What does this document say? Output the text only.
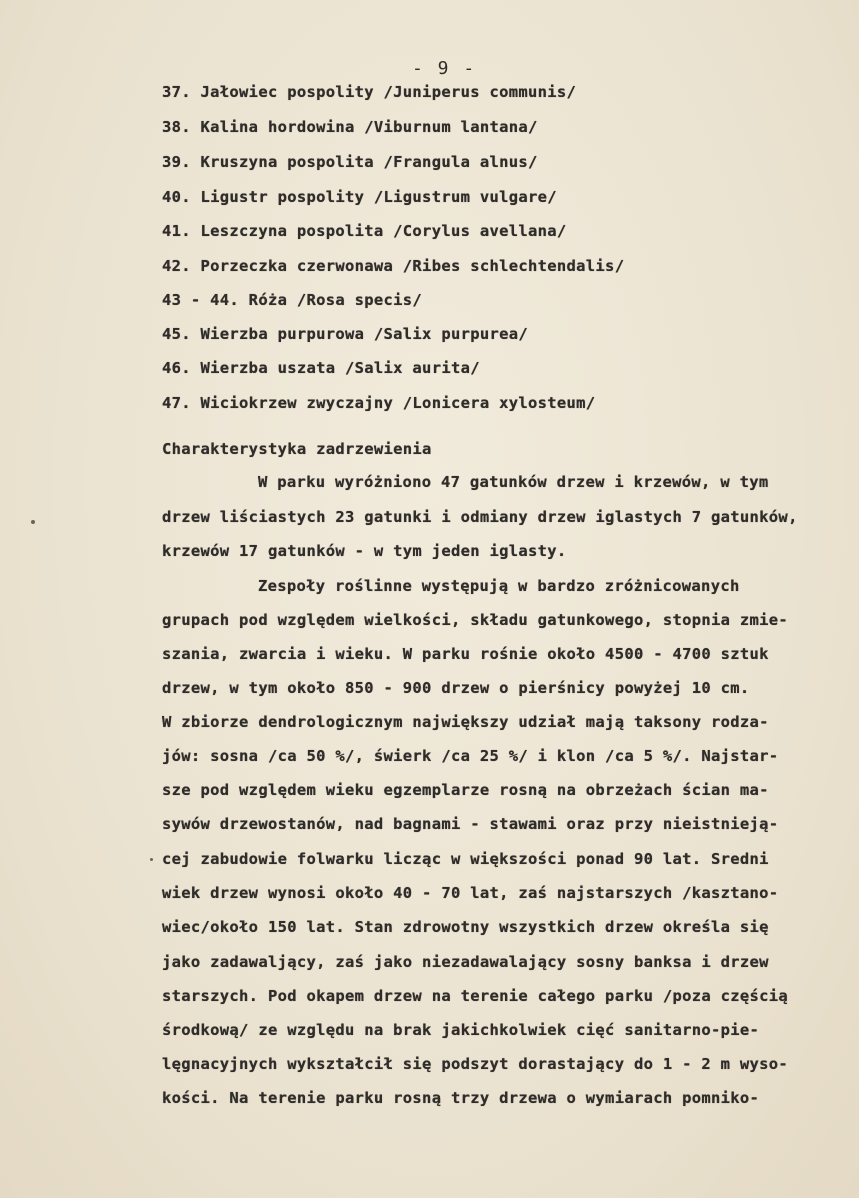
- 9 -
37. Jałowiec pospolity /Juniperus communis/
38. Kalina hordowina /Viburnum lantana/
39. Kruszyna pospolita /Frangula alnus/
40. Ligustr pospolity /Ligustrum vulgare/
41. Leszczyna pospolita /Corylus avellana/
42. Porzeczka czerwonawa /Ribes schlechtendalis/
43 - 44. Róża /Rosa specis/
45. Wierzba purpurowa /Salix purpurea/
46. Wierzba uszata /Salix aurita/
47. Wiciokrzew zwyczajny /Lonicera xylosteum/
Charakterystyka zadrzewienia
W parku wyróżniono 47 gatunków drzew i krzewów, w tym
drzew liściastych 23 gatunki i odmiany drzew iglastych 7 gatunków,
krzewów 17 gatunków - w tym jeden iglasty.
Zespoły roślinne występują w bardzo zróżnicowanych
grupach pod względem wielkości, składu gatunkowego, stopnia zmie-
szania, zwarcia i wieku. W parku rośnie około 4500 - 4700 sztuk
drzew, w tym około 850 - 900 drzew o pierśnicy powyżej 10 cm.
W zbiorze dendrologicznym największy udział mają taksony rodza-
jów: sosna /ca 50 %/, świerk /ca 25 %/ i klon /ca 5 %/. Najstar-
sze pod względem wieku egzemplarze rosną na obrzeżach ścian ma-
sywów drzewostanów, nad bagnami - stawami oraz przy nieistnieją-
cej zabudowie folwarku licząc w większości ponad 90 lat. Sredni
wiek drzew wynosi około 40 - 70 lat, zaś najstarszych /kasztano-
wiec/około 150 lat. Stan zdrowotny wszystkich drzew określa się
jako zadawaljący, zaś jako niezadawalający sosny banksa i drzew
starszych. Pod okapem drzew na terenie całego parku /poza częścią
środkową/ ze względu na brak jakichkolwiek cięć sanitarno-pie-
lęgnacyjnych wykształcił się podszyt dorastający do 1 - 2 m wyso-
kości. Na terenie parku rosną trzy drzewa o wymiarach pomniko-
